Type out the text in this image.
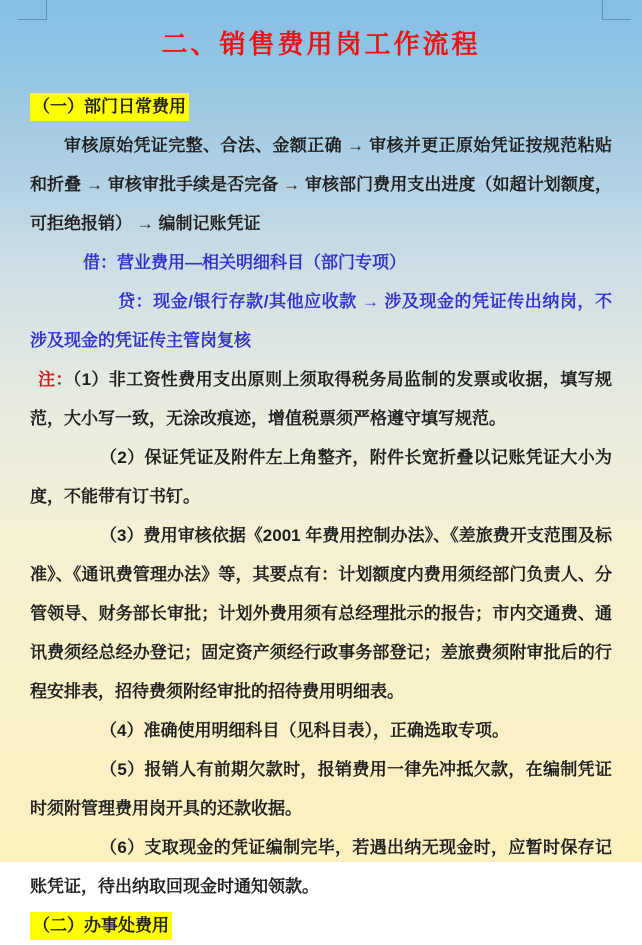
二、销售费用岗工作流程

（一）部门日常费用

审核原始凭证完整、合法、金额正确 → 审核并更正原始凭证按规范粘贴和折叠 → 审核审批手续是否完备 → 审核部门费用支出进度（如超计划额度，可拒绝报销） → 编制记账凭证

借：营业费用—相关明细科目（部门专项）

贷：现金/银行存款/其他应收款 → 涉及现金的凭证传出纳岗，不涉及现金的凭证传主管岗复核

注：（1）非工资性费用支出原则上须取得税务局监制的发票或收据，填写规范，大小写一致，无涂改痕迹，增值税票须严格遵守填写规范。

（2）保证凭证及附件左上角整齐，附件长宽折叠以记账凭证大小为度，不能带有订书钉。

（3）费用审核依据《2001 年费用控制办法》、《差旅费开支范围及标准》、《通讯费管理办法》等，其要点有：计划额度内费用须经部门负责人、分管领导、财务部长审批；计划外费用须有总经理批示的报告；市内交通费、通讯费须经总经办登记；固定资产须经行政事务部登记；差旅费须附审批后的行程安排表，招待费须附经审批的招待费用明细表。

（4）准确使用明细科目（见科目表），正确选取专项。

（5）报销人有前期欠款时，报销费用一律先冲抵欠款，在编制凭证时须附管理费用岗开具的还款收据。

（6）支取现金的凭证编制完毕，若遇出纳无现金时，应暂时保存记账凭证，待出纳取回现金时通知领款。

（二）办事处费用
